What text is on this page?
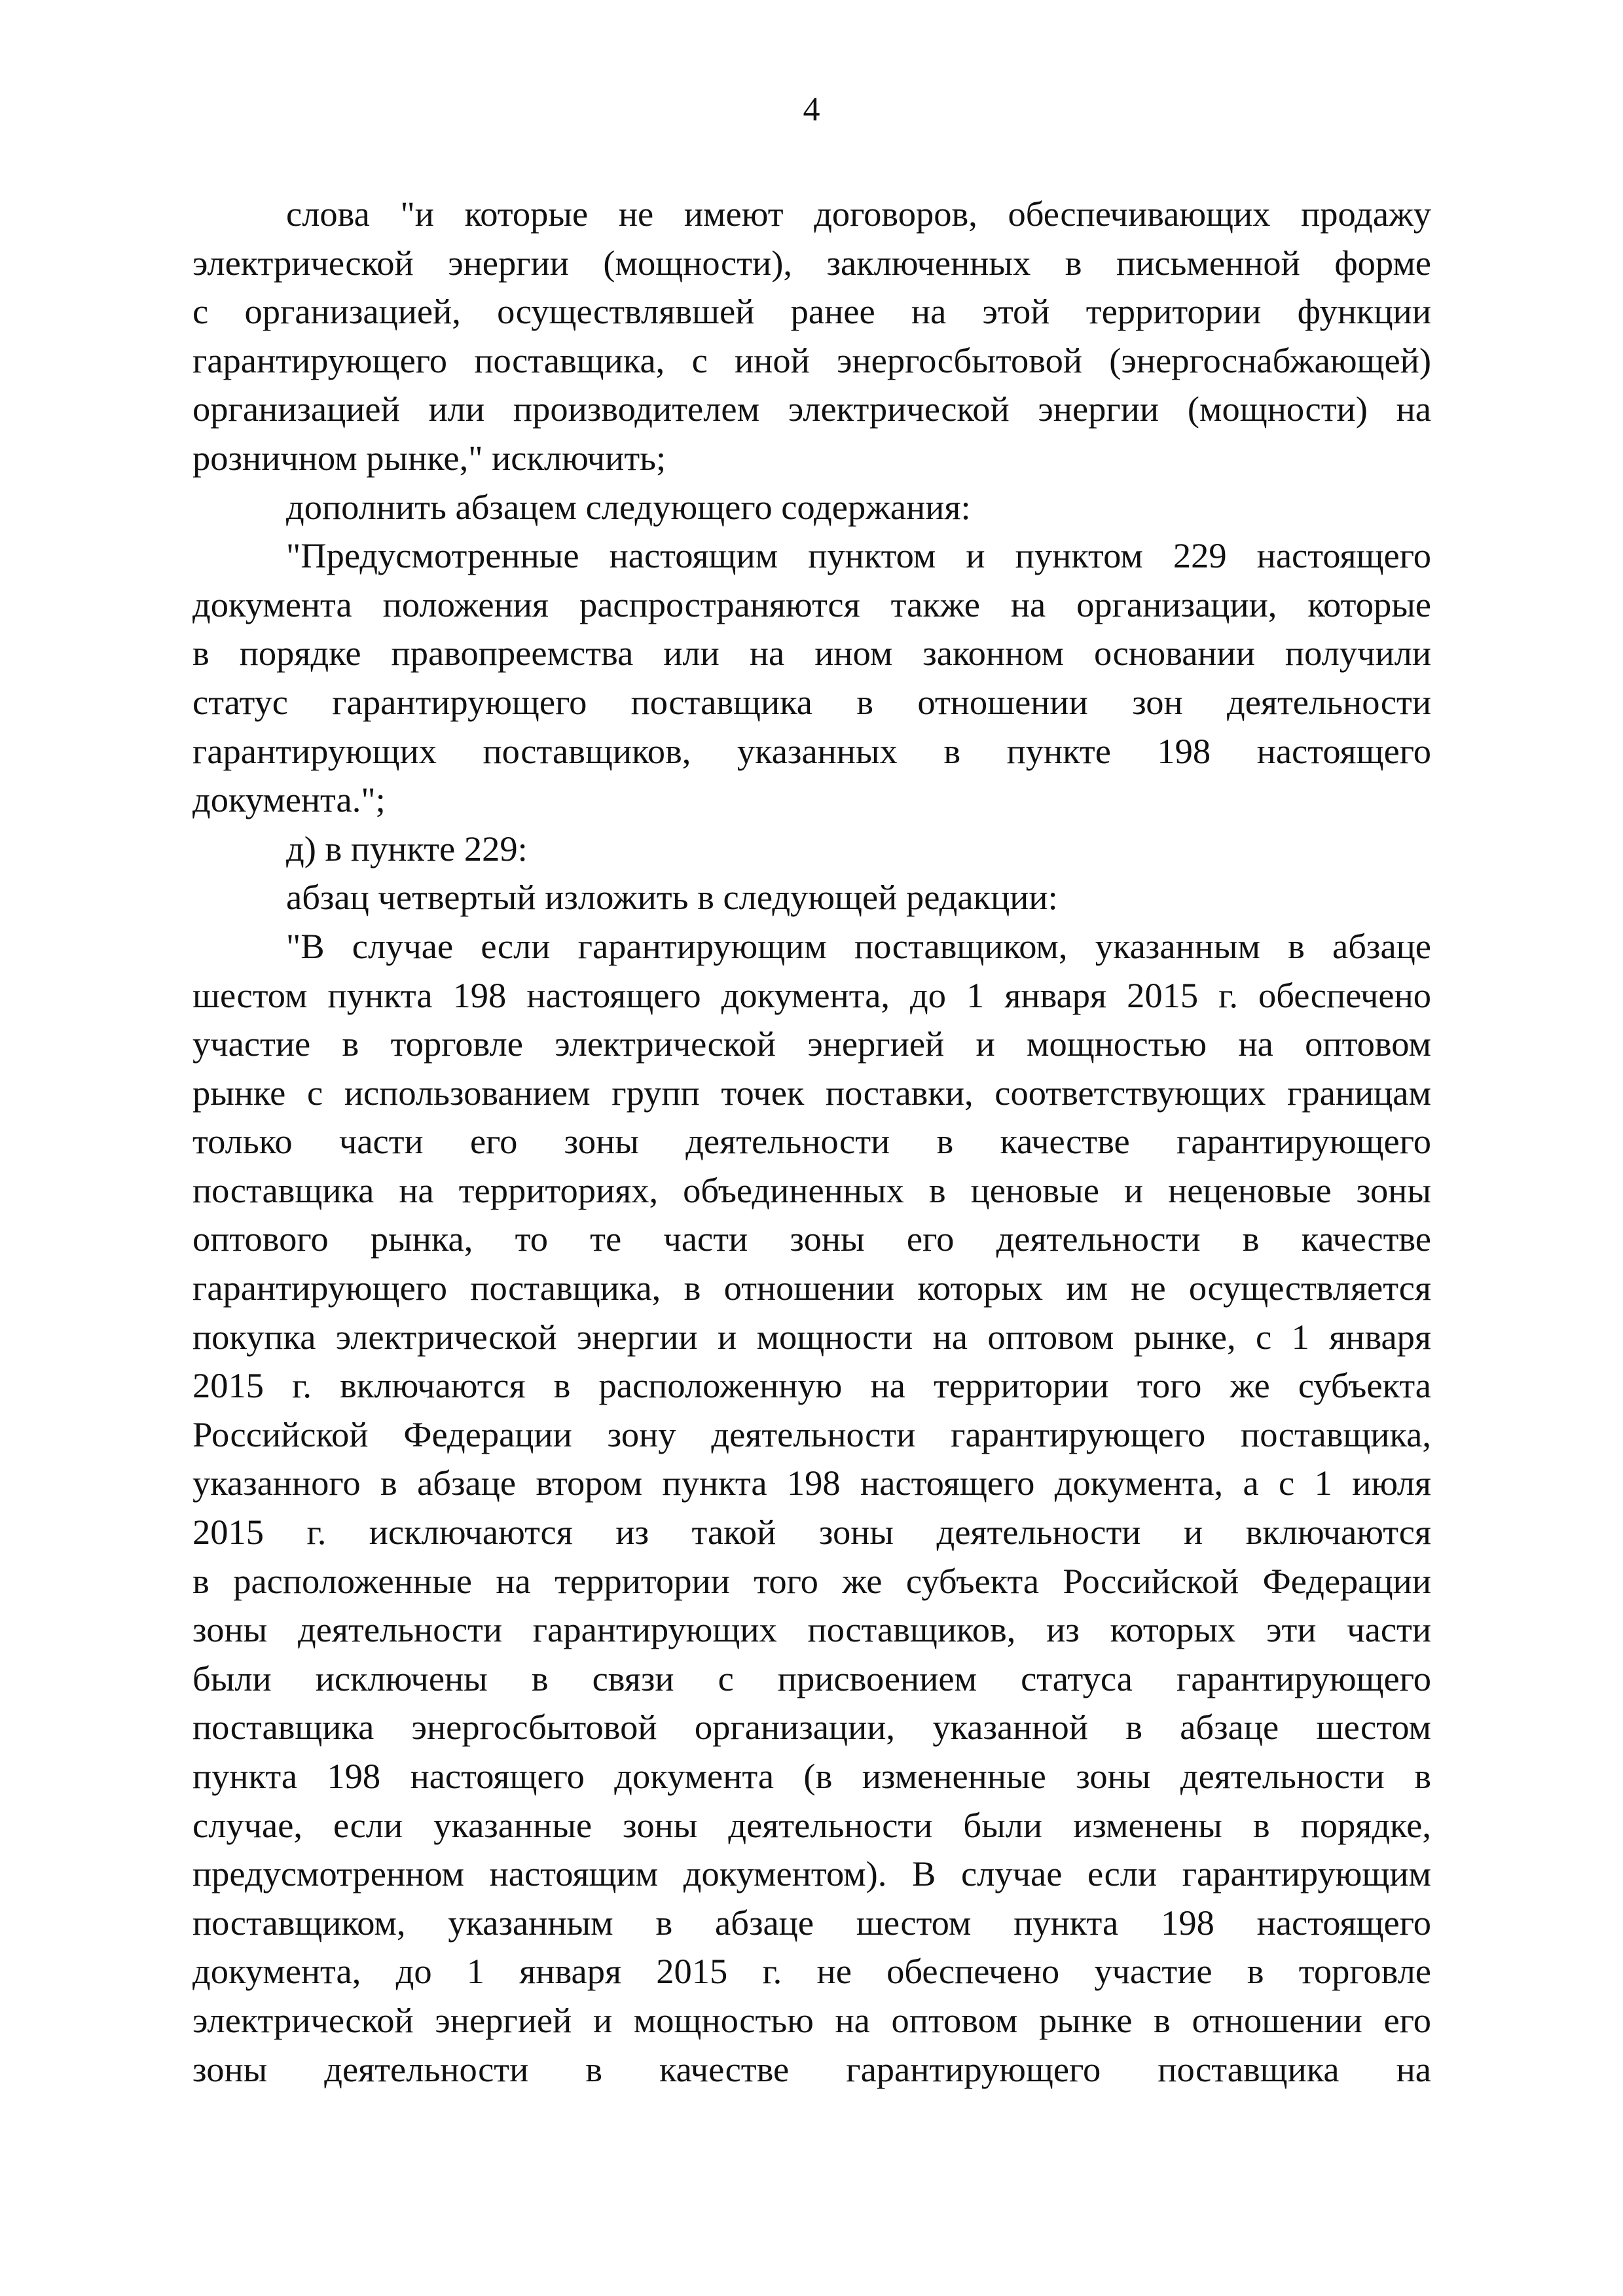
4
слова "и которые не имеют договоров, обеспечивающих продажу
электрической энергии (мощности), заключенных в письменной форме
с организацией, осуществлявшей ранее на этой территории функции
гарантирующего поставщика, с иной энергосбытовой (энергоснабжающей)
организацией или производителем электрической энергии (мощности) на
розничном рынке," исключить;
дополнить абзацем следующего содержания:
"Предусмотренные настоящим пунктом и пунктом 229 настоящего
документа положения распространяются также на организации, которые
в порядке правопреемства или на ином законном основании получили
статус гарантирующего поставщика в отношении зон деятельности
гарантирующих поставщиков, указанных в пункте 198 настоящего
документа.";
д) в пункте 229:
абзац четвертый изложить в следующей редакции:
"В случае если гарантирующим поставщиком, указанным в абзаце
шестом пункта 198 настоящего документа, до 1 января 2015 г. обеспечено
участие в торговле электрической энергией и мощностью на оптовом
рынке с использованием групп точек поставки, соответствующих границам
только части его зоны деятельности в качестве гарантирующего
поставщика на территориях, объединенных в ценовые и неценовые зоны
оптового рынка, то те части зоны его деятельности в качестве
гарантирующего поставщика, в отношении которых им не осуществляется
покупка электрической энергии и мощности на оптовом рынке, с 1 января
2015 г. включаются в расположенную на территории того же субъекта
Российской Федерации зону деятельности гарантирующего поставщика,
указанного в абзаце втором пункта 198 настоящего документа, а с 1 июля
2015 г. исключаются из такой зоны деятельности и включаются
в расположенные на территории того же субъекта Российской Федерации
зоны деятельности гарантирующих поставщиков, из которых эти части
были исключены в связи с присвоением статуса гарантирующего
поставщика энергосбытовой организации, указанной в абзаце шестом
пункта 198 настоящего документа (в измененные зоны деятельности в
случае, если указанные зоны деятельности были изменены в порядке,
предусмотренном настоящим документом). В случае если гарантирующим
поставщиком, указанным в абзаце шестом пункта 198 настоящего
документа, до 1 января 2015 г. не обеспечено участие в торговле
электрической энергией и мощностью на оптовом рынке в отношении его
зоны деятельности в качестве гарантирующего поставщика на
